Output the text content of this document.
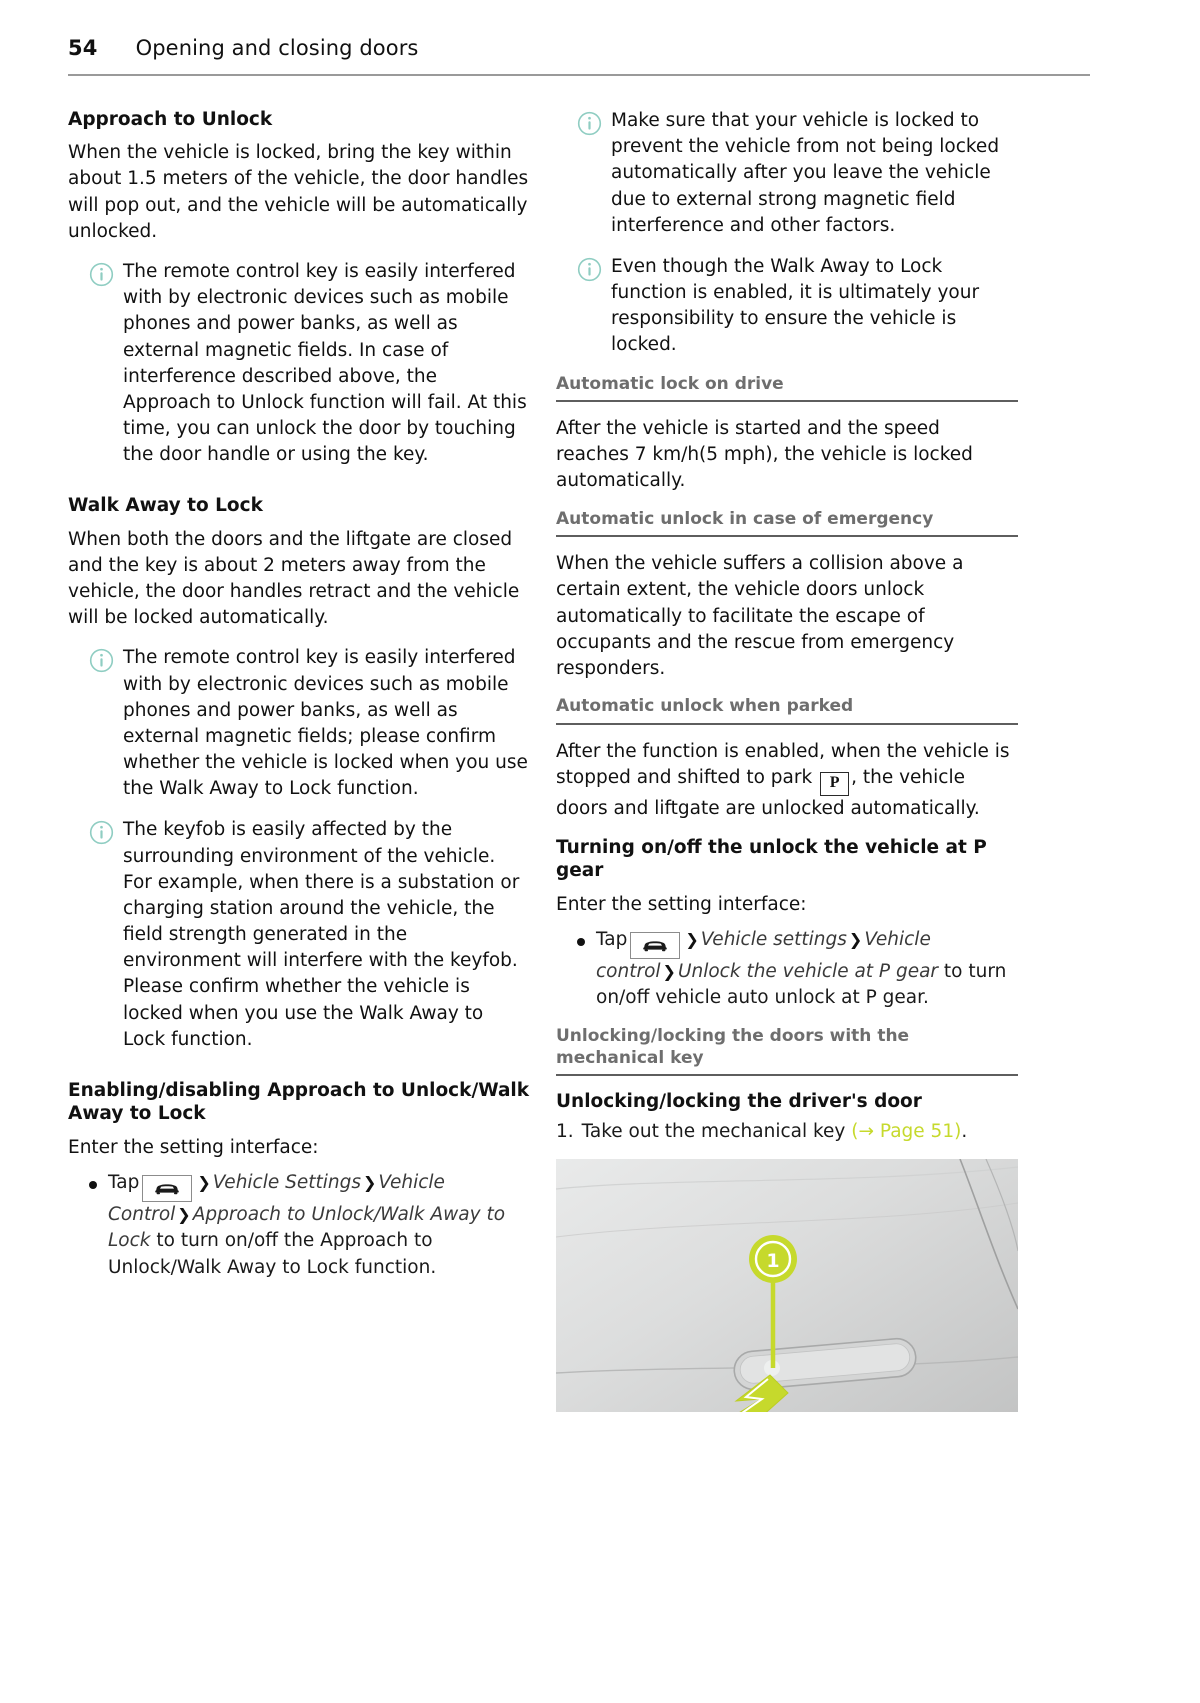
54 Opening and closing doors
Approach to Unlock

When the vehicle is locked, bring the key within about 1.5 meters of the vehicle, the door handles will pop out, and the vehicle will be automatically unlocked.

The remote control key is easily interfered with by electronic devices such as mobile phones and power banks, as well as external magnetic fields. In case of interference described above, the Approach to Unlock function will fail. At this time, you can unlock the door by touching the door handle or using the key.
Walk Away to Lock

When both the doors and the liftgate are closed and the key is about 2 meters away from the vehicle, the door handles retract and the vehicle will be locked automatically.

The remote control key is easily interfered with by electronic devices such as mobile phones and power banks, as well as external magnetic fields; please confirm whether the vehicle is locked when you use the Walk Away to Lock function.
The keyfob is easily affected by the surrounding environment of the vehicle. For example, when there is a substation or charging station around the vehicle, the field strength generated in the environment will interfere with the keyfob. Please confirm whether the vehicle is locked when you use the Walk Away to Lock function.
Enabling/disabling Approach to Unlock/Walk Away to Lock

Enter the setting interface:

Tap	❯ Vehicle Settings ❯ Vehicle Control ❯ Approach to Unlock/Walk Away to Lock to turn on/off the Approach to Unlock/Walk Away to Lock function.
Make sure that your vehicle is locked to prevent the vehicle from not being locked automatically after you leave the vehicle due to external strong magnetic field interference and other factors.
Even though the Walk Away to Lock function is enabled, it is ultimately your responsibility to ensure the vehicle is locked.
Automatic lock on drive

After the vehicle is started and the speed reaches 7 km/h(5 mph), the vehicle is locked automatically.

Automatic unlock in case of emergency

When the vehicle suffers a collision above a certain extent, the vehicle doors unlock automatically to facilitate the escape of occupants and the rescue from emergency responders.

Automatic unlock when parked

After the function is enabled, when the vehicle is stopped and shifted to park P , the vehicle doors and liftgate are unlocked automatically.

Turning on/off the unlock the vehicle at P gear

Enter the setting interface:

Tap	❯ Vehicle settings ❯ Vehicle control ❯ Unlock the vehicle at P gear to turn on/off vehicle auto unlock at P gear.
Unlocking/locking the doors with the mechanical key
Unlocking/locking the driver's door
1. Take out the mechanical key (→ Page 51).
1
